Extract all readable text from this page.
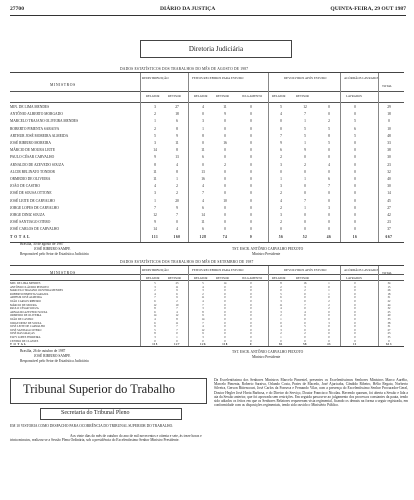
27700	DIÁRIO DA JUSTIÇA	QUINTA-FEIRA, 29 OUT 1987
Diretoria Judiciária
DADOS ESTATÍSTICOS DOS TRABALHOS DO MÊS DE AGOSTO DE 1987
MINISTROS
REDISTRIBUIÇÃO	FEITOS RECEBIDOS PARA ESTUDO	DEVOLVIDOS APÓS ESTUDO	ACÓRDÃOS LAVRADOS
TOTAL
RELATOR	REVISOR	RELATOR	REVISOR	JULGAMENTO	RELATOR	REVISOR	LAVRADOS
MIN. DE LIMA MENDES	3	27	4	11	0	5	12	0	0	29
ANTÔNIO ALBERTO MORGADO	2	18	0	9	0	4	7	0	0	18
MARCELO TRAJANO OLIVEIRA MENDES	1	6	3	0	0	0	1	2	5	0
ROBERTO PIMENTA SARAIVA	2	8	1	0	0	0	5	5	6	10
ARTHUR JOSÉ MOREIRA ALMEIDA	5	9	8	0	0	7	5	8	5	48
JOSÉ RIBEIRO MOREIRA	3	11	0	16	0	9	1	5	0	33
MÁRCIO DE MOURA LEITE	14	8	11	0	0	6	9	0	0	38
PAULO CÉSAR CARVALHO	9	13	6	0	0	2	0	0	0	30
ARNALDO DE AZEVEDO SOUZA	8	4	0	2	0	3	2	4	0	23
ALCIR BELINATO TONDOR	11	8	13	0	0	0	0	0	0	32
ORMEDIO DE OLIVEIRA	11	1	16	0	0	1	1	6	0	40
JOÃO DE CASTRO	4	2	4	0	0	3	0	7	0	30
JOSÉ DE SOUSA OTTONE	3	2	7	0	0	2	0	0	0	14
JOSÉ LEITE DE CARVALHO	1	20	4	10	0	4	7	0	0	45
JORGE LOPES DE CARVALHO	7	9	6	0	0	2	1	3	0	27
JORGE DINIZ SOUZA	12	7	14	0	0	3	0	0	0	42
JOSÉ SANTIAGO OTERO	9	0	11	0	0	2	0	0	0	23
JOSÉ CARLOS DE CARVALHO	14	4	6	0	0	0	0	0	0	37
T O T A L	111	160	128	74	0	56	52	46	16	667
Brasília, 30 de agosto de 1987
JOSÉ RIBEIRO SAMPE
Responsável pelo Setor de Estatística Judiciária
TST. ESCR. ANTÔNIO CARVALHO PEIXOTO
Ministro Presidente
DADOS ESTATÍSTICOS DOS TRABALHOS DO MÊS DE SETEMBRO DE 1987
MINISTROS
REDISTRIBUIÇÃO	FEITOS RECEBIDOS PARA ESTUDO	DEVOLVIDOS APÓS ESTUDO	ACÓRDÃOS LAVRADOS
TOTAL
RELATOR	REVISOR	RELATOR	REVISOR	JULGAMENTO	RELATOR	REVISOR	LAVRADOS
MIN. DE LIMA MENDES	5	23	5	14	0	8	16	1	0	34
ANTÔNIO CLÁUDIO PEIXOTO	3	11	4	0	0	2	3	0	0	15
MARCELO TRAJANO OLIVEIRA MENDES	2	9	3	0	0	0	2	1	0	26
ROBERTO PIMENTA SARAIVA	4	6	2	0	0	5	0	1	0	18
ARTHUR JOSÉ ALMEIDA	7	9	11	0	0	6	0	0	0	31
JOÃO CARLOS RIBEIRO	6	2	4	0	0	3	0	2	0	22
MÁRCIO DE MOURA	12	10	7	0	0	11	7	2	0	44
PAULO CÉSAR SOUZA	8	7	3	0	0	4	0	2	0	32
ARNALDO AZEVEDO SOUZA	6	4	8	0	0	3	4	0	0	25
ORMEDIO DE OLIVEIRA	14	12	9	0	0	2	0	0	0	40
JOÃO DE CASTRO	4	8	14	0	0	1	0	0	0	33
JORGE DINIZ DE SOUZA	6	11	7	0	0	0	0	3	0	38
JOSÉ LEITE DE CARVALHO	9	7	4	0	0	4	5	0	0	31
JOSÉ SANTIAGO OTERO	5	7	12	0	0	3	0	0	0	27
JOSÉ DAS GRAÇAS	8	0	9	0	0	2	2	0	0	23
ELEY LOPES FERREIRA	3	1	3	0	0	1	0	0	0	35
CENTRO DE CLASSES	0	0	0	0	0	0	0	0	0	0
T O T A L	115	127	126	118	0	81	58	43	11	613
Brasília, 26 de outubro de 1987
JOSÉ RIBEIRO SAMPE
Responsável pelo Setor de Estatística Judiciária
TST. ESCR. ANTÔNIO CARVALHO PEIXOTO
Ministro Presidente
Tribunal Superior do Trabalho
Secretaria do Tribunal Pleno
EM 10 VISTORIA COMO DESPACHO PARA OCORRÊNCIA DO TRIBUNAL SUPERIOR DO TRABALHO.
Aos vinte dias do mês de outubro do ano de mil novecentos e oitenta e sete, às treze horas e trinta minutos, realizou-se a Sessão Plena Ordinária, sob a presidência do Excelentíssimo Senhor Ministro Presidente.
Da Excelentíssima dos Senhores Ministros Marcelo Pimentel, presentes os Excelentíssimos Senhores Ministros Marco Aurélio, Marcelo Pimenta, Roberto Saraiva, Orlando Costa, Prates de Macedo, José Ajuricaba, Cândido Ribeiro, Hélio Regato, Norberto Silveira, Gerson Bittencourt, José Carlos da Fonseca e Fernando Vilar, com a presença do Excelentíssimo Senhor Procurador-Geral, Doutor Hegler José Horta Barbosa, e do Diretor do Serviço, Doutor Francisco Nicolau. Havendo quorum, foi aberta a Sessão e lida a ata da Sessão anterior, que foi aprovada sem restrições. Em seguida passou-se ao julgamento dos processos constantes da pauta, tendo sido adiados os feitos em que os Senhores Relatores requereram vista regimental, ficando os demais na forma a seguir registrada, em conformidade com as disposições regimentais, tendo sido ouvido o Ministério Público.
